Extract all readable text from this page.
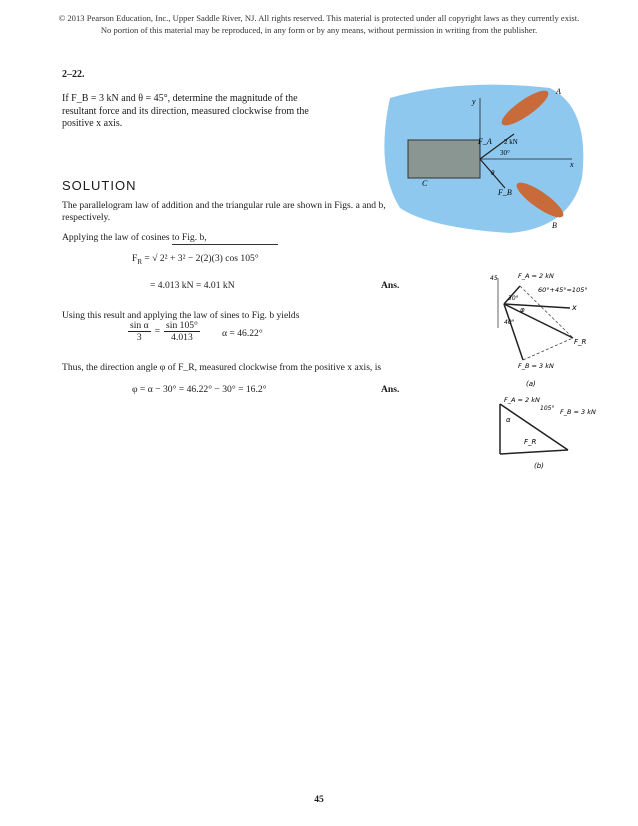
© 2013 Pearson Education, Inc., Upper Saddle River, NJ. All rights reserved. This material is protected under all copyright laws as they currently exist.
No portion of this material may be reproduced, in any form or by any means, without permission in writing from the publisher.
2–22.
If F_B = 3 kN and θ = 45°, determine the magnitude of the resultant force and its direction, measured clockwise from the positive x axis.
y
x
F_A
F_B
2 kN
30°
θ
C
B
A
SOLUTION
The parallelogram law of addition and the triangular rule are shown in Figs. a and b, respectively.
Applying the law of cosines to Fig. b,
$F_R$ = √ 2² + 3² − 2(2)(3) cos 105°
= 4.013 kN = 4.01 kN	Ans.
Using this result and applying the law of sines to Fig. b yields
$\frac{\text{sin α}}{3} = \frac{\sin 105^\circ}{4.013}$ α = 46.22°
Thus, the direction angle φ of F_R, measured clockwise from the positive x axis, is
φ = α − 30° = 46.22° − 30° = 16.2°	Ans.
F_A = 2 kN
60°+45°=105°
30°
φ
40°
x
F_R
F_B = 3 kN
45
(a)
F_A = 2 kN
105° F_B = 3 kN
α
F_R
(b)
45
